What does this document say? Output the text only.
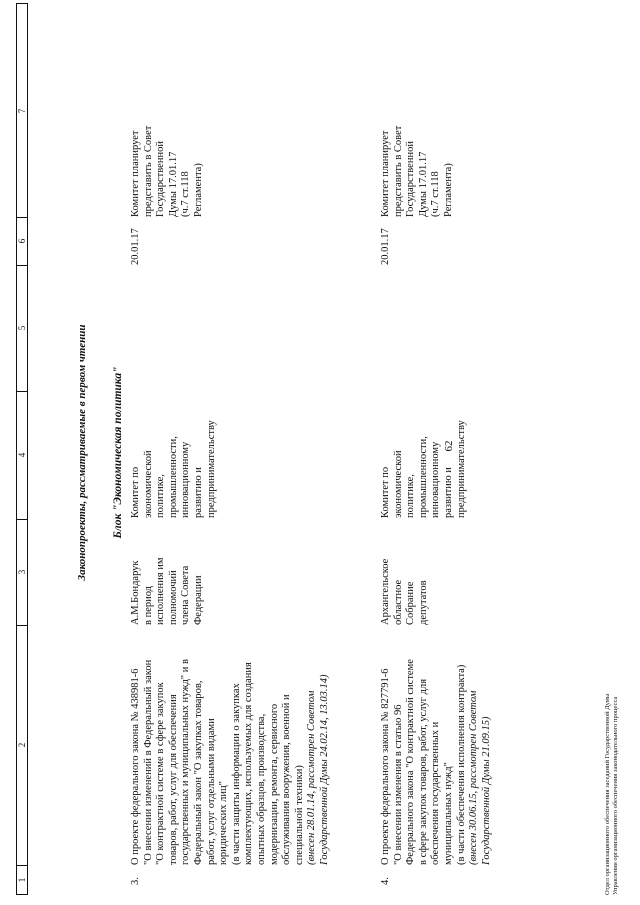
62
1
2
3
4
5
6
7
Законопроекты, рассматриваемые в первом чтении Блок "Экономическая политика"
3.

О проекте федерального закона № 438981-6 "О внесении изменений в Федеральный закон "О контрактной системе в сфере закупок товаров, работ, услуг для обеспечения государственных и муниципальных нужд" и в Федеральный закон "О закупках товаров, работ, услуг отдельными видами юридических лиц" (в части защиты информации о закупках комплектующих, используемых для создания опытных образцов, производства, модернизации, ремонта, сервисного обслуживания вооружения, военной и специальной техники) (внесен 28.01.14, рассмотрен Советом Государственной Думы 24.02.14, 13.03.14)

А.М.Бондарук в период исполнения им полномочий члена Совета Федерации

Комитет по экономической политике, промышленности, инновационному развитию и предпринимательству

20.01.17

Комитет планирует представить в Совет Государственной Думы 17.01.17 (ч.7 ст.118 Регламента)

4.

О проекте федерального закона № 827791-6 "О внесении изменения в статью 96 Федерального закона "О контрактной системе в сфере закупок товаров, работ, услуг для обеспечения государственных и муниципальных нужд" (в части обеспечения исполнения контракта) (внесен 30.06.15, рассмотрен Советом Государственной Думы 21.09.15)

Архангельское областное Собрание депутатов

Комитет по экономической политике, промышленности, инновационному развитию и предпринимательству

20.01.17

Комитет планирует представить в Совет Государственной Думы 17.01.17 (ч.7 ст.118 Регламента)

Отдел организационного обеспечения заседаний Государственной Думы Управления организационного обеспечения законодательного процесса
